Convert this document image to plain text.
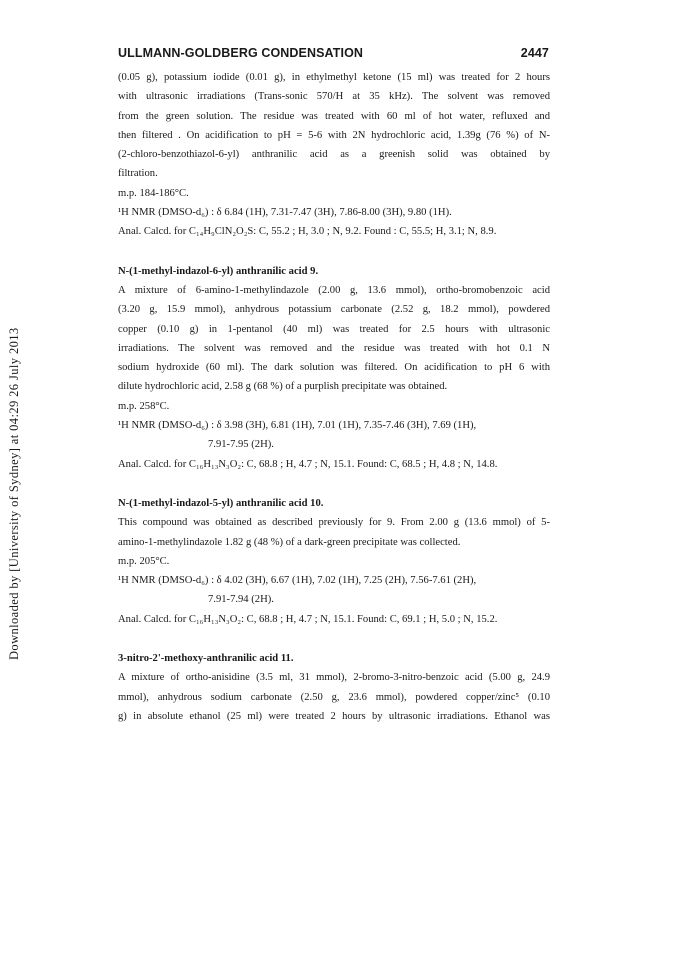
ULLMANN-GOLDBERG CONDENSATION	2447
Downloaded by [University of Sydney] at 04:29 26 July 2013
(0.05 g), potassium iodide (0.01 g), in ethylmethyl ketone (15 ml) was treated for 2 hours
with ultrasonic irradiations (Trans-sonic 570/H at 35 kHz). The solvent was removed
from the green solution. The residue was treated with 60 ml of hot water, refluxed and
then filtered . On acidification to pH = 5-6 with 2N hydrochloric acid, 1.39g (76 %) of N-
(2-chloro-benzothiazol-6-yl) anthranilic acid as a greenish solid was obtained by
filtration.
m.p. 184-186°C.
¹H NMR (DMSO-d₆) : δ 6.84 (1H), 7.31-7.47 (3H), 7.86-8.00 (3H), 9.80 (1H).
Anal. Calcd. for C₁₄H₉ClN₂O₂S: C, 55.2 ; H, 3.0 ; N, 9.2. Found : C, 55.5; H, 3.1; N, 8.9.
N-(1-methyl-indazol-6-yl) anthranilic acid 9.
A mixture of 6-amino-1-methylindazole (2.00 g, 13.6 mmol), ortho-bromobenzoic acid
(3.20 g, 15.9 mmol), anhydrous potassium carbonate (2.52 g, 18.2 mmol), powdered
copper (0.10 g) in 1-pentanol (40 ml) was treated for 2.5 hours with ultrasonic
irradiations. The solvent was removed and the residue was treated with hot 0.1 N
sodium hydroxide (60 ml). The dark solution was filtered. On acidification to pH 6 with
dilute hydrochloric acid, 2.58 g (68 %) of a purplish precipitate was obtained.
m.p. 258°C.
¹H NMR (DMSO-d₆) : δ 3.98 (3H), 6.81 (1H), 7.01 (1H), 7.35-7.46 (3H), 7.69 (1H),
7.91-7.95 (2H).
Anal. Calcd. for C₁₆H₁₃N₃O₂: C, 68.8 ; H, 4.7 ; N, 15.1. Found: C, 68.5 ; H, 4.8 ; N, 14.8.
N-(1-methyl-indazol-5-yl) anthranilic acid 10.
This compound was obtained as described previously for 9. From 2.00 g (13.6 mmol) of 5-
amino-1-methylindazole 1.82 g (48 %) of a dark-green precipitate was collected.
m.p. 205°C.
¹H NMR (DMSO-d₆) : δ 4.02 (3H), 6.67 (1H), 7.02 (1H), 7.25 (2H), 7.56-7.61 (2H),
7.91-7.94 (2H).
Anal. Calcd. for C₁₆H₁₃N₃O₂: C, 68.8 ; H, 4.7 ; N, 15.1. Found: C, 69.1 ; H, 5.0 ; N, 15.2.
3-nitro-2'-methoxy-anthranilic acid 11.
A mixture of ortho-anisidine (3.5 ml, 31 mmol), 2-bromo-3-nitro-benzoic acid (5.00 g, 24.9
mmol), anhydrous sodium carbonate (2.50 g, 23.6 mmol), powdered copper/zinc⁵ (0.10
g) in absolute ethanol (25 ml) were treated 2 hours by ultrasonic irradiations. Ethanol was
